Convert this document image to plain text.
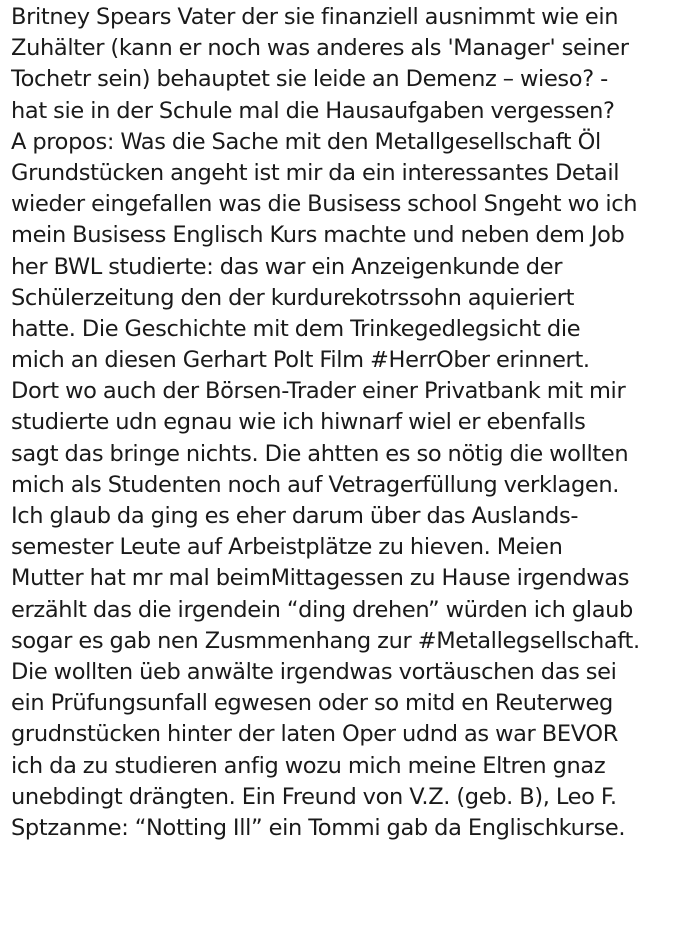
Britney Spears Vater der sie finanziell ausnimmt wie ein
Zuhälter (kann er noch was anderes als 'Manager' seiner
Tochetr sein) behauptet sie leide an Demenz – wieso? -
hat sie in der Schule mal die Hausaufgaben vergessen?
A propos: Was die Sache mit den Metallgesellschaft Öl
Grundstücken angeht ist mir da ein interessantes Detail
wieder eingefallen was die Busisess school Sngeht wo ich
mein Busisess Englisch Kurs machte und neben dem Job
her BWL studierte: das war ein Anzeigenkunde der
Schülerzeitung den der kurdurekotrssohn aquieriert
hatte. Die Geschichte mit dem Trinkegedlegsicht die
mich an diesen Gerhart Polt Film #HerrOber erinnert.
Dort wo auch der Börsen-Trader einer Privatbank mit mir
studierte udn egnau wie ich hiwnarf wiel er ebenfalls
sagt das bringe nichts. Die ahtten es so nötig die wollten
mich als Studenten noch auf Vetragerfüllung verklagen.
Ich glaub da ging es eher darum über das Auslands-
semester Leute auf Arbeistplätze zu hieven. Meien
Mutter hat mr mal beimMittagessen zu Hause irgendwas
erzählt das die irgendein “ding drehen” würden ich glaub
sogar es gab nen Zusmmenhang zur #Metallegsellschaft.
Die wollten üeb anwälte irgendwas vortäuschen das sei
ein Prüfungsunfall egwesen oder so mitd en Reuterweg
grudnstücken hinter der laten Oper udnd as war BEVOR
ich da zu studieren anfig wozu mich meine Eltren gnaz
unebdingt drängten. Ein Freund von V.Z. (geb. B), Leo F.
Sptzanme: “Notting Ill” ein Tommi gab da Englischkurse.
